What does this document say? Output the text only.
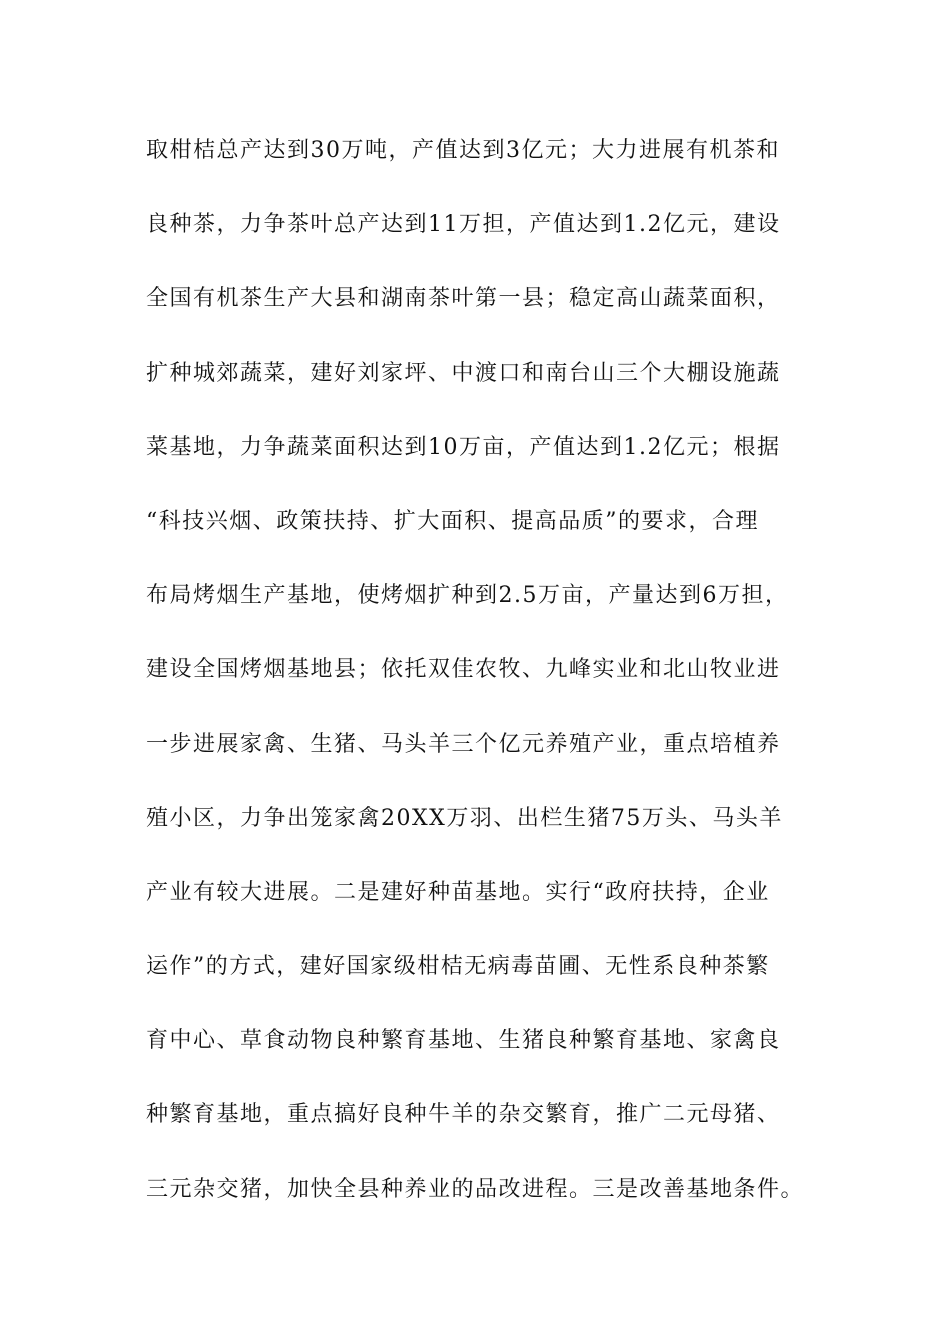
取柑桔总产达到30万吨，产值达到3亿元；大力进展有机茶和
良种茶，力争茶叶总产达到11万担，产值达到1.2亿元，建设
全国有机茶生产大县和湖南茶叶第一县；稳定高山蔬菜面积，
扩种城郊蔬菜，建好刘家坪、中渡口和南台山三个大棚设施蔬
菜基地，力争蔬菜面积达到10万亩，产值达到1.2亿元；根据
“科技兴烟、政策扶持、扩大面积、提高品质”的要求，合理
布局烤烟生产基地，使烤烟扩种到2.5万亩，产量达到6万担，
建设全国烤烟基地县；依托双佳农牧、九峰实业和北山牧业进
一步进展家禽、生猪、马头羊三个亿元养殖产业，重点培植养
殖小区，力争出笼家禽20XX万羽、出栏生猪75万头、马头羊
产业有较大进展。二是建好种苗基地。实行“政府扶持，企业
运作”的方式，建好国家级柑桔无病毒苗圃、无性系良种茶繁
育中心、草食动物良种繁育基地、生猪良种繁育基地、家禽良
种繁育基地，重点搞好良种牛羊的杂交繁育，推广二元母猪、
三元杂交猪，加快全县种养业的品改进程。三是改善基地条件。
